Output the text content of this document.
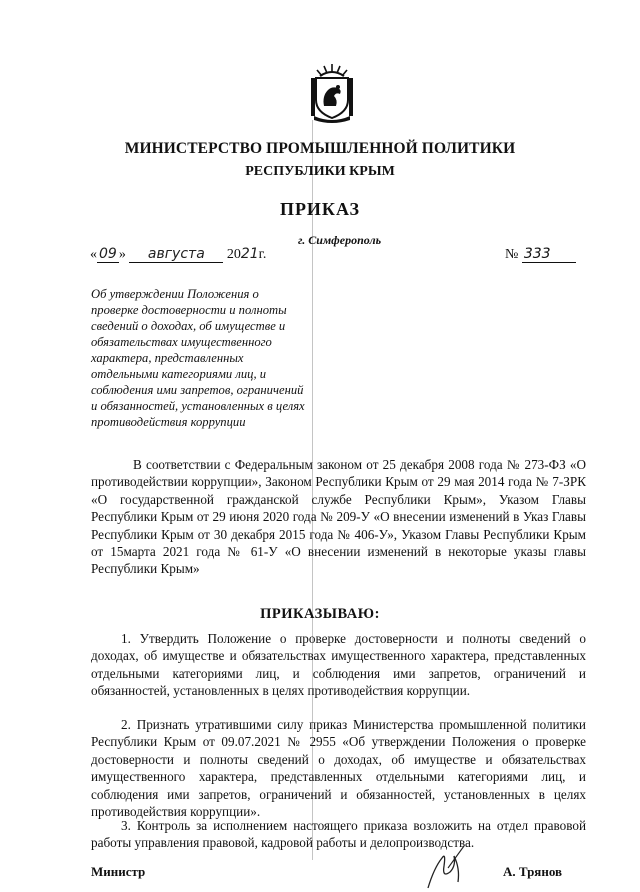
МИНИСТЕРСТВО ПРОМЫШЛЕННОЙ ПОЛИТИКИ
РЕСПУБЛИКИ КРЫМ
ПРИКАЗ
г. Симферополь
« 09 » августа 2021г.	№ 333
Об утверждении Положения о
проверке достоверности и полноты
сведений о доходах, об имуществе и
обязательствах имущественного
характера, представленных
отдельными категориями лиц, и
соблюдения ими запретов, ограничений
и обязанностей, установленных в целях
противодействия коррупции
В соответствии с Федеральным законом от 25 декабря 2008 года № 273-ФЗ «О противодействии коррупции», Законом Республики Крым от 29 мая 2014 года № 7-ЗРК «О государственной гражданской службе Республики Крым», Указом Главы Республики Крым от 29 июня 2020 года № 209-У «О внесении изменений в Указ Главы Республики Крым от 30 декабря 2015 года № 406-У», Указом Главы Республики Крым от 15марта 2021 года № 61-У «О внесении изменений в некоторые указы главы Республики Крым»
ПРИКАЗЫВАЮ:
1. Утвердить Положение о проверке достоверности и полноты сведений о доходах, об имуществе и обязательствах имущественного характера, представленных отдельными категориями лиц, и соблюдения ими запретов, ограничений и обязанностей, установленных в целях противодействия коррупции.
2. Признать утратившими силу приказ Министерства промышленной политики Республики Крым от 09.07.2021 № 2955 «Об утверждении Положения о проверке достоверности и полноты сведений о доходах, об имуществе и обязательствах имущественного характера, представленных отдельными категориями лиц, и соблюдения ими запретов, ограничений и обязанностей, установленных в целях противодействия коррупции».
3. Контроль за исполнением настоящего приказа возложить на отдел правовой работы управления правовой, кадровой работы и делопроизводства.
Министр	А. Трянов
